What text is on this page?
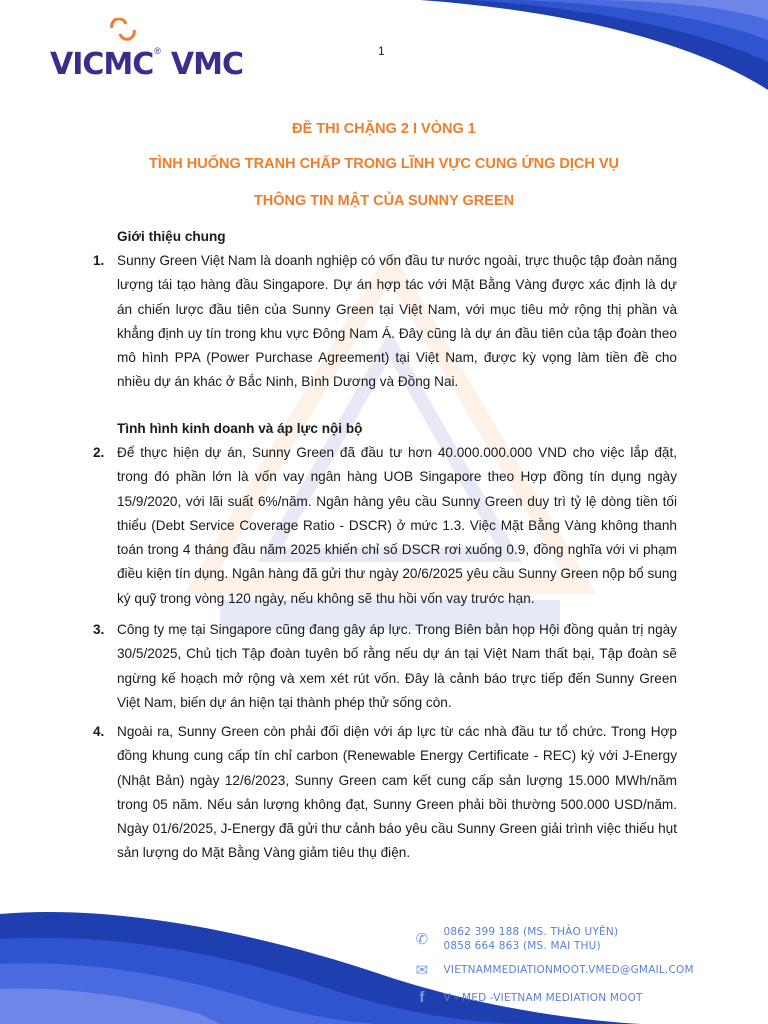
VICMC ® VMC	1
ĐỀ THI CHẶNG 2 I VÒNG 1
TÌNH HUỐNG TRANH CHẤP TRONG LĨNH VỰC CUNG ỨNG DỊCH VỤ
THÔNG TIN MẬT CỦA SUNNY GREEN
Giới thiệu chung
1. Sunny Green Việt Nam là doanh nghiệp có vốn đầu tư nước ngoài, trực thuộc tập đoàn năng lượng tái tạo hàng đầu Singapore. Dự án hợp tác với Mặt Bằng Vàng được xác định là dự án chiến lược đầu tiên của Sunny Green tại Việt Nam, với mục tiêu mở rộng thị phần và khẳng định uy tín trong khu vực Đông Nam Á. Đây cũng là dự án đầu tiên của tập đoàn theo mô hình PPA (Power Purchase Agreement) tại Việt Nam, được kỳ vọng làm tiền đề cho nhiều dự án khác ở Bắc Ninh, Bình Dương và Đồng Nai.
Tình hình kinh doanh và áp lực nội bộ
2. Để thực hiện dự án, Sunny Green đã đầu tư hơn 40.000.000.000 VND cho việc lắp đặt, trong đó phần lớn là vốn vay ngân hàng UOB Singapore theo Hợp đồng tín dụng ngày 15/9/2020, với lãi suất 6%/năm. Ngân hàng yêu cầu Sunny Green duy trì tỷ lệ dòng tiền tối thiểu (Debt Service Coverage Ratio - DSCR) ở mức 1.3. Việc Mặt Bằng Vàng không thanh toán trong 4 tháng đầu năm 2025 khiến chỉ số DSCR rơi xuống 0.9, đồng nghĩa với vi phạm điều kiện tín dụng. Ngân hàng đã gửi thư ngày 20/6/2025 yêu cầu Sunny Green nộp bổ sung ký quỹ trong vòng 120 ngày, nếu không sẽ thu hồi vốn vay trước hạn.
3. Công ty mẹ tại Singapore cũng đang gây áp lực. Trong Biên bản họp Hội đồng quản trị ngày 30/5/2025, Chủ tịch Tập đoàn tuyên bố rằng nếu dự án tại Việt Nam thất bại, Tập đoàn sẽ ngừng kế hoạch mở rộng và xem xét rút vốn. Đây là cảnh báo trực tiếp đến Sunny Green Việt Nam, biến dự án hiện tại thành phép thử sống còn.
4. Ngoài ra, Sunny Green còn phải đối diện với áp lực từ các nhà đầu tư tổ chức. Trong Hợp đồng khung cung cấp tín chỉ carbon (Renewable Energy Certificate - REC) ký với J-Energy (Nhật Bản) ngày 12/6/2023, Sunny Green cam kết cung cấp sản lượng 15.000 MWh/năm trong 05 năm. Nếu sản lượng không đạt, Sunny Green phải bồi thường 500.000 USD/năm. Ngày 01/6/2025, J-Energy đã gửi thư cảnh báo yêu cầu Sunny Green giải trình việc thiếu hụt sản lượng do Mặt Bằng Vàng giảm tiêu thụ điện.
✆ 0862 399 188 (MS. THẢO UYÊN)
0858 664 863 (MS. MAI THU)
✉ VIETNAMMEDIATIONMOOT.VMED@GMAIL.COM
f V - MED -VIETNAM MEDIATION MOOT
